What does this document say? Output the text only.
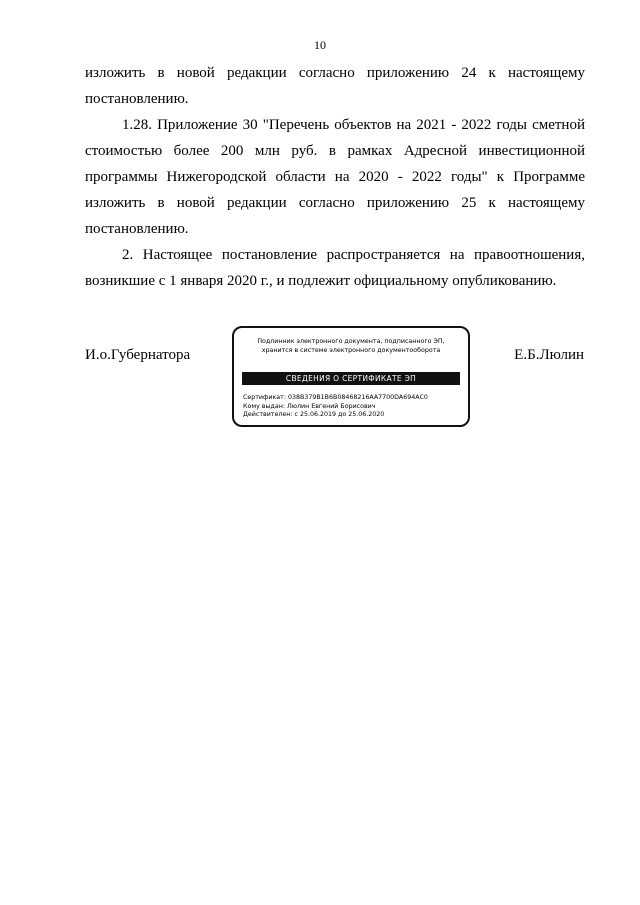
10

изложить в новой редакции согласно приложению 24 к настоящему постановлению.

1.28. Приложение 30 "Перечень объектов на 2021 - 2022 годы сметной стоимостью более 200 млн руб. в рамках Адресной инвестиционной программы Нижегородской области на 2020 - 2022 годы" к Программе изложить в новой редакции согласно приложению 25 к настоящему постановлению.

2. Настоящее постановление распространяется на правоотношения, возникшие с 1 января 2020 г., и подлежит официальному опубликованию.

И.о.Губернатора
Подлинник электронного документа, подписанного ЭП,
хранится в системе электронного документооборота
СВЕДЕНИЯ О СЕРТИФИКАТЕ ЭП
Сертификат: 038B379B1B6B08468216AA7700DA694AC0
Кому выдан: Люлин Евгений Борисович
Действителен: с 25.06.2019 до 25.06.2020
Е.Б.Люлин
